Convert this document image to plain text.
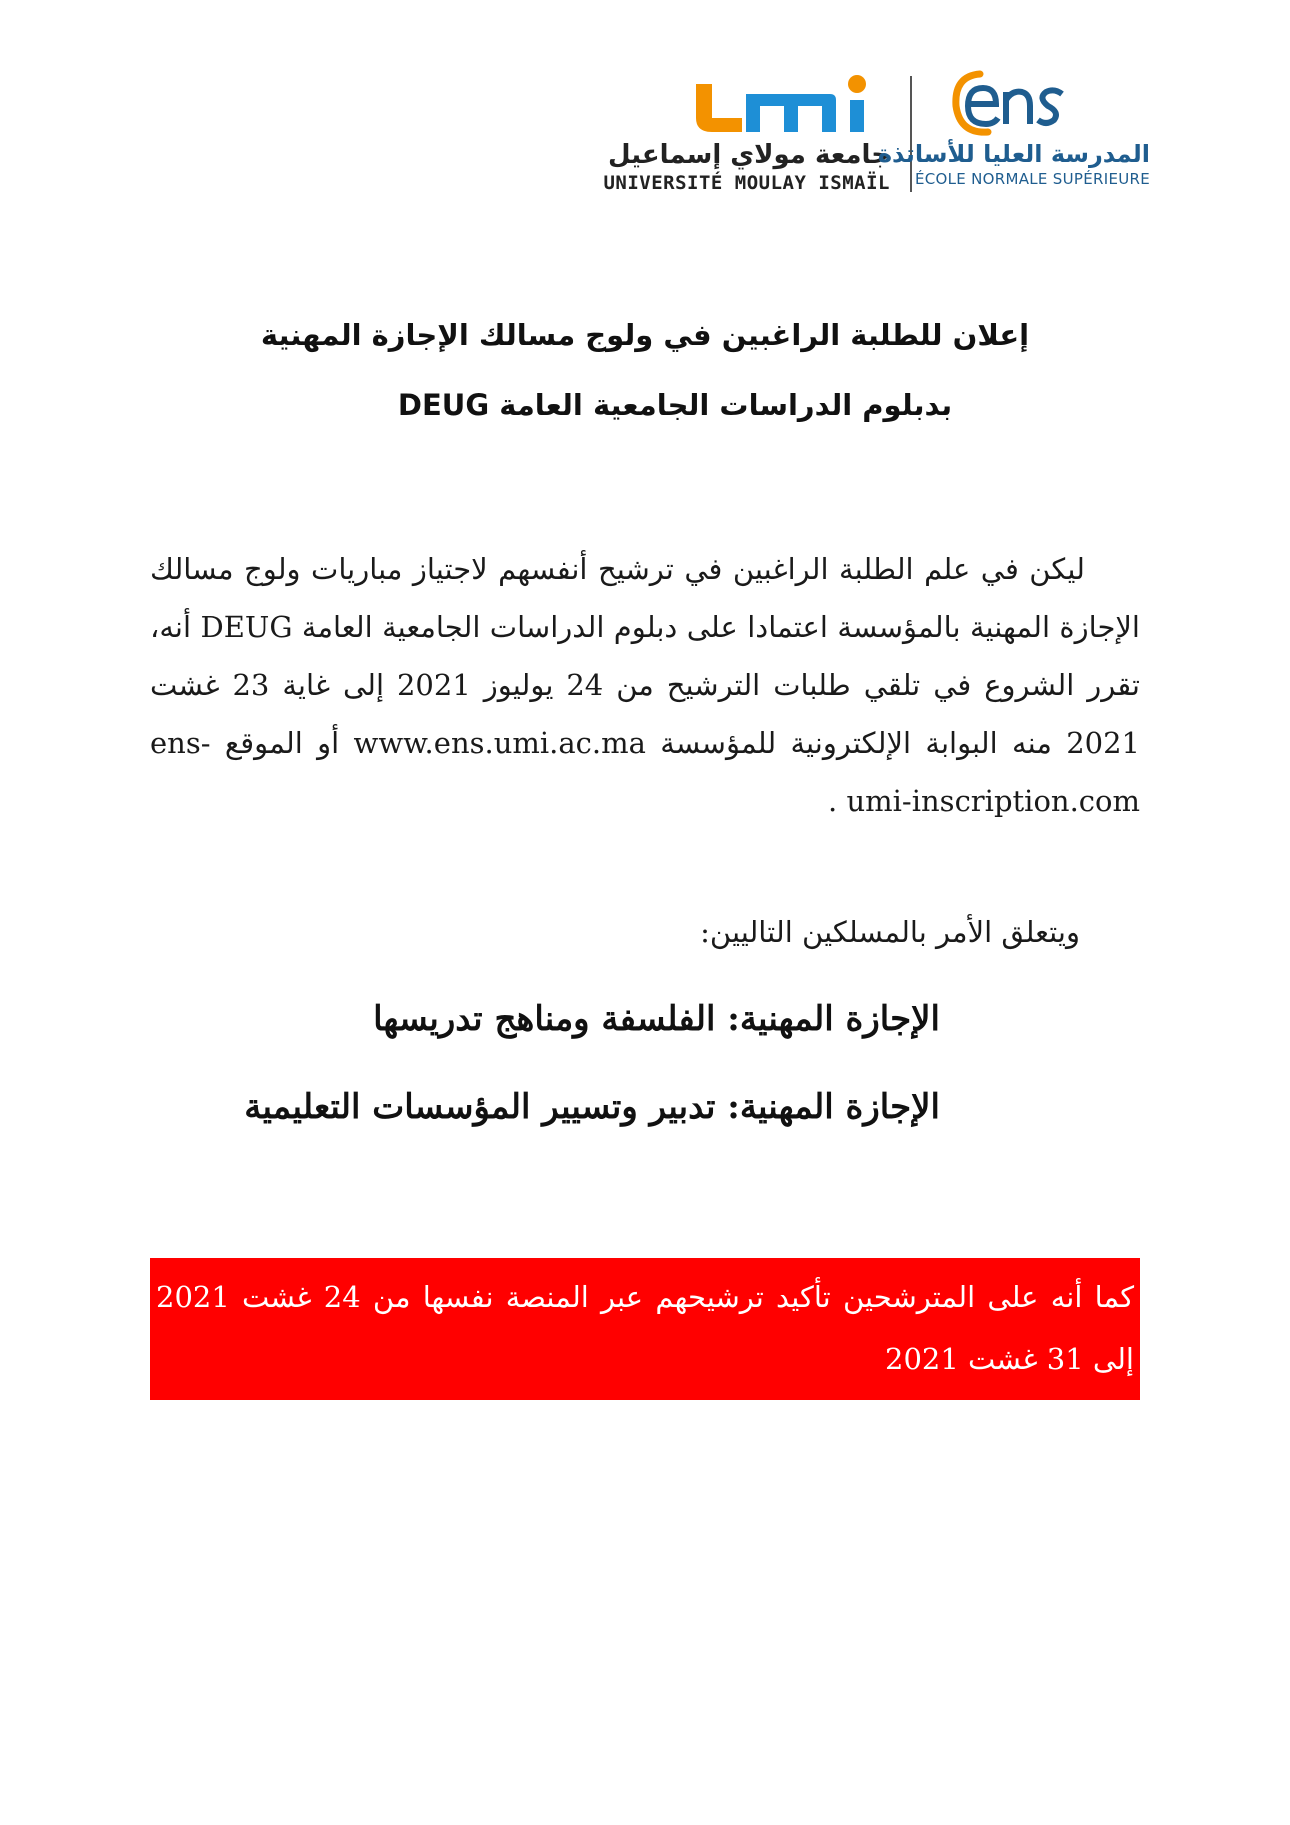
جامعة مولاي إسماعيل
UNIVERSITÉ MOULAY ISMAÏL
المدرسة العليا للأساتذة
ÉCOLE NORMALE SUPÉRIEURE
إعلان للطلبة الراغبين في ولوج مسالك الإجازة المهنية
بدبلوم الدراسات الجامعية العامة DEUG
ليكن في علم الطلبة الراغبين في ترشيح أنفسهم لاجتياز مباريات ولوج مسالك الإجازة المهنية بالمؤسسة اعتمادا على دبلوم الدراسات الجامعية العامة DEUG أنه، تقرر الشروع في تلقي طلبات الترشيح من 24 يوليوز 2021 إلى غاية 23 غشت 2021 منه البوابة الإلكترونية للمؤسسة www.ens.umi.ac.ma أو الموقع ens-umi-inscription.com .
ويتعلق الأمر بالمسلكين التاليين:
الإجازة المهنية: الفلسفة ومناهج تدريسها
الإجازة المهنية: تدبير وتسيير المؤسسات التعليمية
كما أنه على المترشحين تأكيد ترشيحهم عبر المنصة نفسها من 24 غشت 2021 إلى 31 غشت 2021
